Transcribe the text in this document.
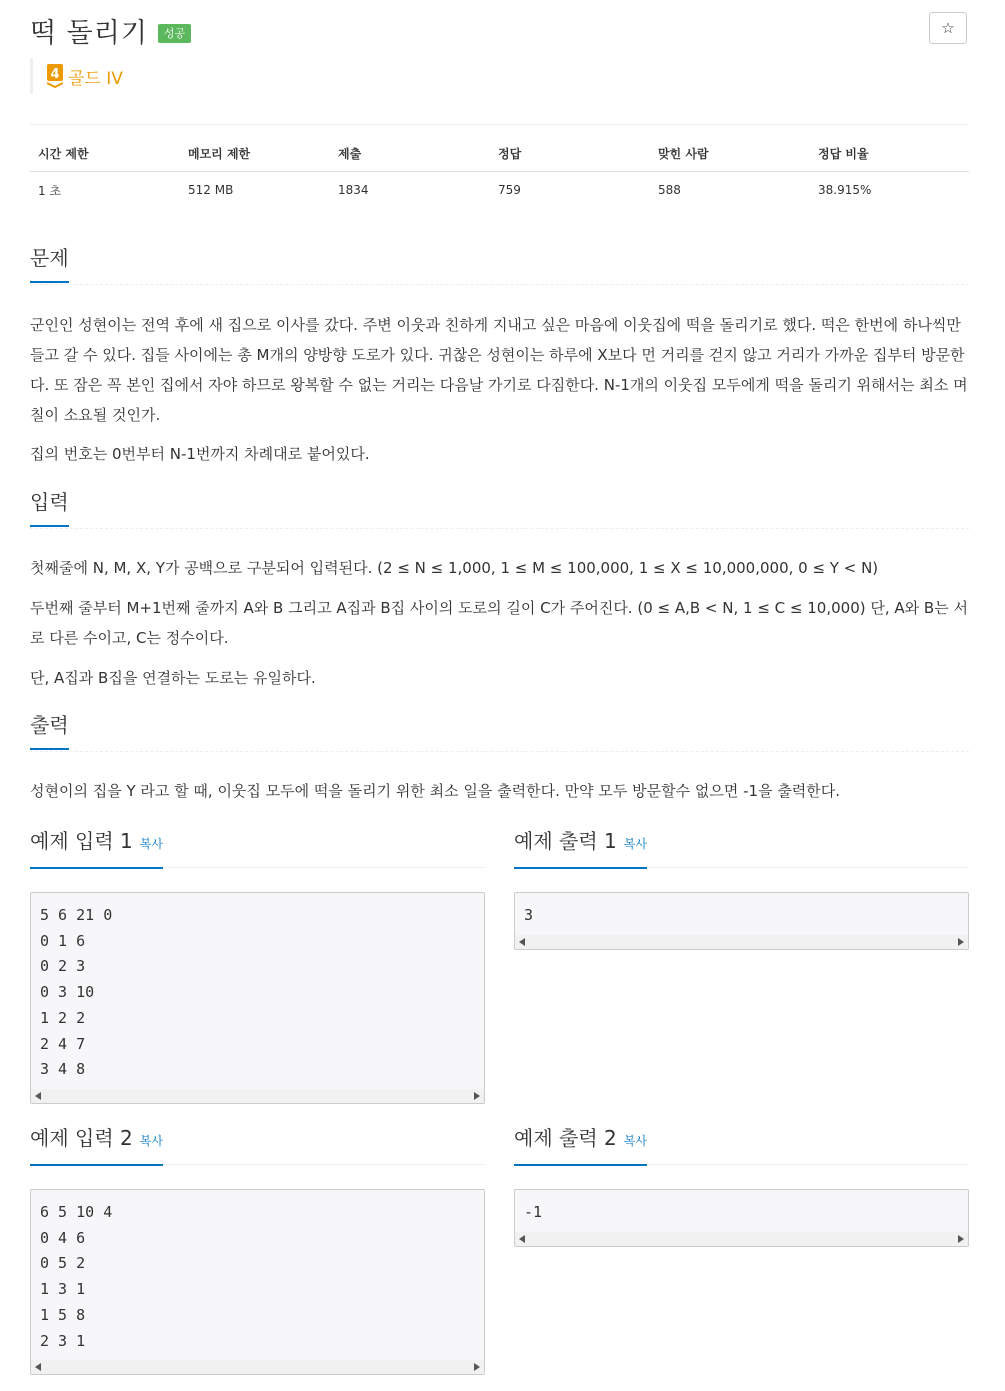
떡 돌리기	성공	☆
4 골드 IV
시간 제한	메모리 제한	제출	정답	맞힌 사람	정답 비율
1 초	512 MB	1834	759	588	38.915%
문제

군인인 성현이는 전역 후에 새 집으로 이사를 갔다. 주변 이웃과 친하게 지내고 싶은 마음에 이웃집에 떡을 돌리기로 했다. 떡은 한번에 하나씩만 들고 갈 수 있다. 집들 사이에는 총 M개의 양방향 도로가 있다. 귀찮은 성현이는 하루에 X보다 먼 거리를 걷지 않고 거리가 가까운 집부터 방문한다. 또 잠은 꼭 본인 집에서 자야 하므로 왕복할 수 없는 거리는 다음날 가기로 다짐한다. N-1개의 이웃집 모두에게 떡을 돌리기 위해서는 최소 며칠이 소요될 것인가.

집의 번호는 0번부터 N-1번까지 차례대로 붙어있다.

입력

첫째줄에 N, M, X, Y가 공백으로 구분되어 입력된다. (2 ≤ N ≤ 1,000, 1 ≤ M ≤ 100,000, 1 ≤ X ≤ 10,000,000, 0 ≤ Y < N)

두번째 줄부터 M+1번째 줄까지 A와 B 그리고 A집과 B집 사이의 도로의 길이 C가 주어진다. (0 ≤ A,B < N, 1 ≤ C ≤ 10,000) 단, A와 B는 서로 다른 수이고, C는 정수이다.

단, A집과 B집을 연결하는 도로는 유일하다.

출력

성현이의 집을 Y 라고 할 때, 이웃집 모두에 떡을 돌리기 위한 최소 일을 출력한다. 만약 모두 방문할수 없으면 -1을 출력한다.

예제 입력 1 복사	예제 출력 1 복사
5 6 21 0
0 1 6
0 2 3
0 3 10
1 2 2
2 4 7
3 4 8
3
예제 입력 2 복사	예제 출력 2 복사
6 5 10 4
0 4 6
0 5 2
1 3 1
1 5 8
2 3 1
-1
